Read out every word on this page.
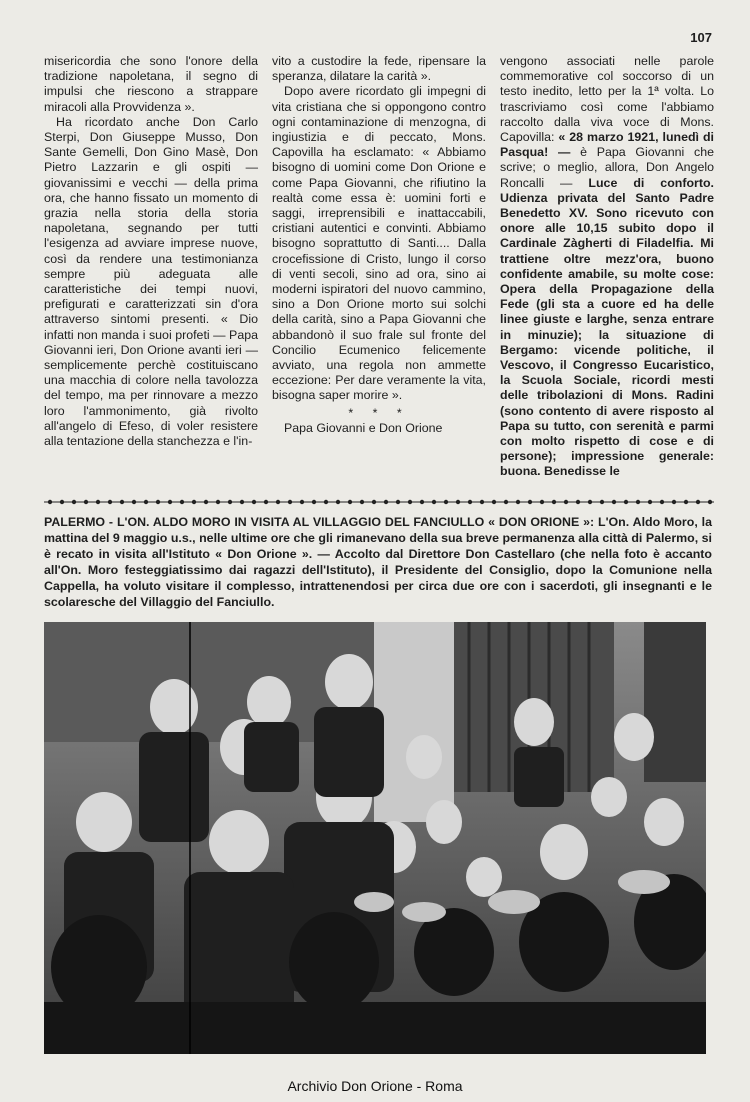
107

misericordia che sono l'onore della tradizione napoletana, il segno di impulsi che riescono a strappare miracoli alla Provvidenza ».

Ha ricordato anche Don Carlo Sterpi, Don Giuseppe Musso, Don Sante Gemelli, Don Gino Masè, Don Pietro Lazzarin e gli ospiti — giovanissimi e vecchi — della prima ora, che hanno fissato un momento di grazia nella storia della storia napoletana, segnando per tutti l'esigenza ad avviare imprese nuove, così da rendere una testimonianza sempre più adeguata alle caratteristiche dei tempi nuovi, prefigurati e caratterizzati sin d'ora attraverso sintomi presenti. « Dio infatti non manda i suoi profeti — Papa Giovanni ieri, Don Orione avanti ieri — semplicemente perchè costituiscano una macchia di colore nella tavolozza del tempo, ma per rinnovare a mezzo loro l'ammonimento, già rivolto all'angelo di Efeso, di voler resistere alla tentazione della stanchezza e l'in-

vito a custodire la fede, ripensare la speranza, dilatare la carità ».

Dopo avere ricordato gli impegni di vita cristiana che si oppongono contro ogni contaminazione di menzogna, di ingiustizia e di peccato, Mons. Capovilla ha esclamato: « Abbiamo bisogno di uomini come Don Orione e come Papa Giovanni, che rifiutino la realtà come essa è: uomini forti e saggi, irreprensibili e inattaccabili, cristiani autentici e convinti. Abbiamo bisogno soprattutto di Santi.... Dalla crocefissione di Cristo, lungo il corso di venti secoli, sino ad ora, sino ai moderni ispiratori del nuovo cammino, sino a Don Orione morto sui solchi della carità, sino a Papa Giovanni che abbandonò il suo frale sul fronte del Concilio Ecumenico felicemente avviato, una regola non ammette eccezione: Per dare veramente la vita, bisogna saper morire ».

* * *

Papa Giovanni e Don Orione

vengono associati nelle parole commemorative col soccorso di un testo inedito, letto per la 1ª volta. Lo trascriviamo così come l'abbiamo raccolto dalla viva voce di Mons. Capovilla: « 28 marzo 1921, lunedì di Pasqua! — è Papa Giovanni che scrive; o meglio, allora, Don Angelo Roncalli — Luce di conforto. Udienza privata del Santo Padre Benedetto XV. Sono ricevuto con onore alle 10,15 subito dopo il Cardinale Zàgherti di Filadelfia. Mi trattiene oltre mezz'ora, buono confidente amabile, su molte cose: Opera della Propagazione della Fede (gli sta a cuore ed ha delle linee giuste e larghe, senza entrare in minuzie); la situazione di Bergamo: vicende politiche, il Vescovo, il Congresso Eucaristico, la Scuola Sociale, ricordi mesti delle tribolazioni di Mons. Radini (sono contento di avere risposto al Papa su tutto, con serenità e parmi con molto rispetto di cose e di persone); impressione generale: buona. Benedisse le

PALERMO - L'ON. ALDO MORO IN VISITA AL VILLAGGIO DEL FANCIULLO « DON ORIONE »: L'On. Aldo Moro, la mattina del 9 maggio u.s., nelle ultime ore che gli rimanevano della sua breve permanenza alla città di Palermo, si è recato in visita all'Istituto « Don Orione ». — Accolto dal Direttore Don Castellaro (che nella foto è accanto all'On. Moro festeggiatissimo dai ragazzi dell'Istituto), il Presidente del Consiglio, dopo la Comunione nella Cappella, ha voluto visitare il complesso, intrattenendosi per circa due ore con i sacerdoti, gli insegnanti e le scolaresche del Villaggio del Fanciullo.
Archivio Don Orione - Roma
